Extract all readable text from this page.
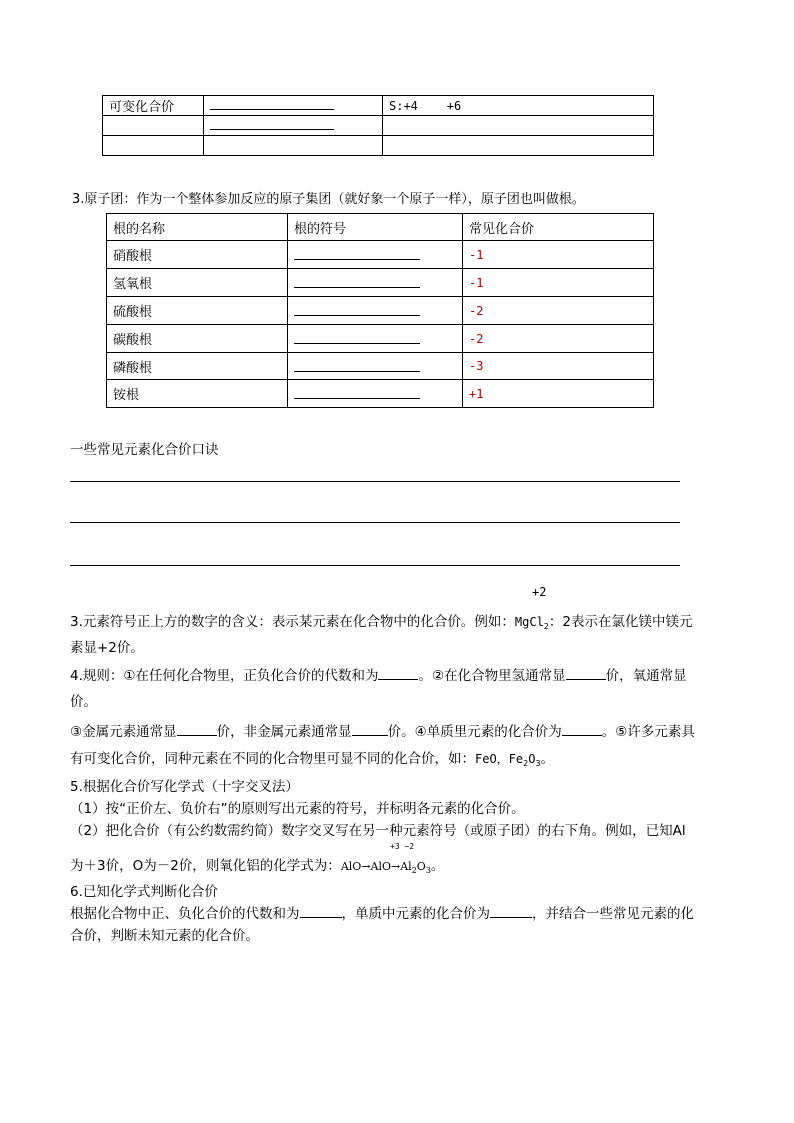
可变化合价		S:+4    +6

3.原子团：作为一个整体参加反应的原子集团（就好象一个原子一样），原子团也叫做根。
根的名称	根的符号	常见化合价
硝酸根		-1
氢氧根		-1
硫酸根		-2
碳酸根		-2
磷酸根		-3
铵根		+1
一些常见元素化合价口诀
+2
3.元素符号正上方的数字的含义：表示某元素在化合物中的化合价。例如：MgCl$_2$：2表示在氯化镁中镁元
素显+2价。
4.规则：①在任何化合物里，正负化合价的代数和为	。②在化合物里氢通常显	价，氧通常显
价。
③金属元素通常显	价，非金属元素通常显	价。④单质里元素的化合价为	。⑤许多元素具
有可变化合价，同种元素在不同的化合物里可显不同的化合价，如：FeO，$Fe_2O_3$。
5.根据化合价写化学式（十字交叉法）
（1）按“正价左、负价右”的原则写出元素的符号，并标明各元素的化合价。
（2）把化合价（有公约数需约简）数字交叉写在另一种元素符号（或原子团）的右下角。例如，已知Al
+3 −2
为＋3价，O为－2价，则氧化铝的化学式为：$AlO\to AlO\to Al_2O_3$。
6.已知化学式判断化合价
根据化合物中正、负化合价的代数和为	，单质中元素的化合价为	，并结合一些常见元素的化
合价，判断未知元素的化合价。
